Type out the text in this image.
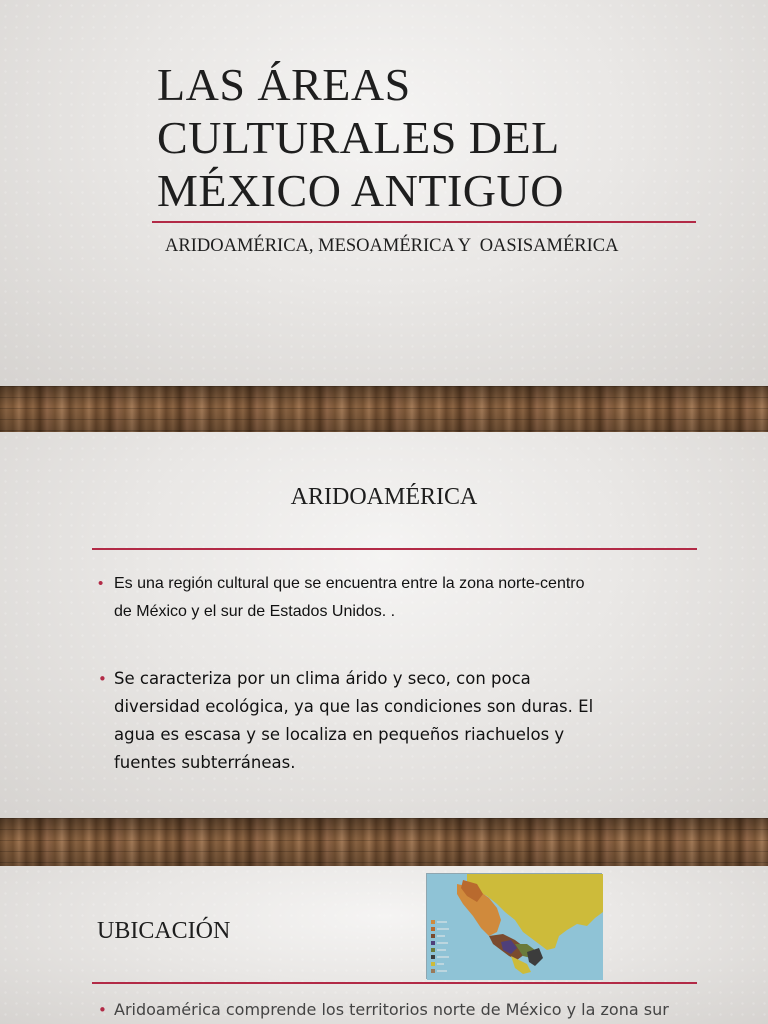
LAS ÁREAS
CULTURALES DEL
MÉXICO ANTIGUO
ARIDOAMÉRICA, MESOAMÉRICA Y  OASISAMÉRICA
ARIDOAMÉRICA
• Es una región cultural que se encuentra entre la zona norte-centro
de México y el sur de Estados Unidos. .
• Se caracteriza por un clima árido y seco, con poca
diversidad ecológica, ya que las condiciones son duras. El
agua es escasa y se localiza en pequeños riachuelos y
fuentes subterráneas.
UBICACIÓN
• Aridoamérica comprende los territorios norte de México y la zona sur
